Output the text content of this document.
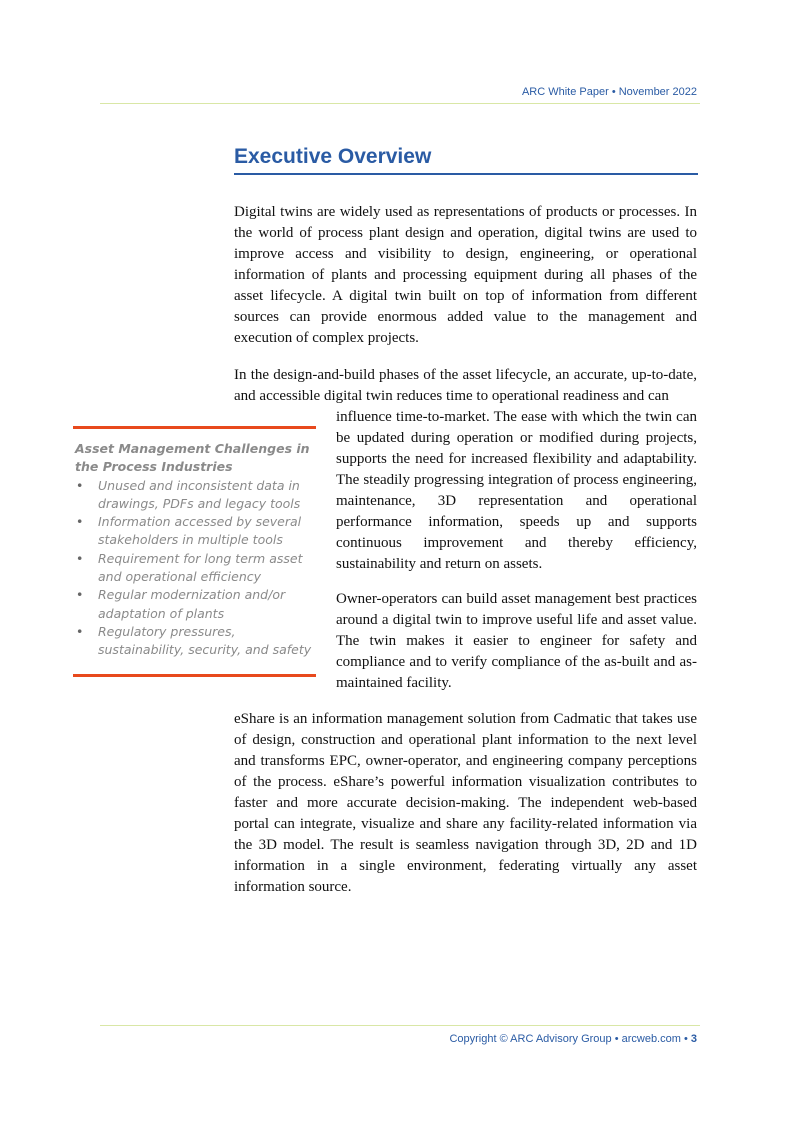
ARC White Paper • November 2022
Executive Overview

Digital twins are widely used as representations of products or processes. In the world of process plant design and operation, digital twins are used to improve access and visibility to design, engineering, or operational information of plants and processing equipment during all phases of the asset lifecycle. A digital twin built on top of information from different sources can provide enormous added value to the management and execution of complex projects.

In the design-and-build phases of the asset lifecycle, an accurate, up-to-date, and accessible digital twin reduces time to operational readiness and can

influence time-to-market. The ease with which the twin can be updated during operation or modified during projects, supports the need for increased flexibility and adaptability. The steadily progressing integration of process engineering, maintenance, 3D representation and operational performance information, speeds up and supports continuous improvement and thereby efficiency, sustainability and return on assets.

Owner-operators can build asset management best practices around a digital twin to improve useful life and asset value. The twin makes it easier to engineer for safety and compliance and to verify compliance of the as-built and as-maintained facility.

eShare is an information management solution from Cadmatic that takes use of design, construction and operational plant information to the next level and transforms EPC, owner-operator, and engineering company perceptions of the process. eShare’s powerful information visualization contributes to faster and more accurate decision-making. The independent web-based portal can integrate, visualize and share any facility-related information via the 3D model. The result is seamless navigation through 3D, 2D and 1D information in a single environment, federating virtually any asset information source.

Asset Management Challenges in the Process Industries

• Unused and inconsistent data in drawings, PDFs and legacy tools
• Information accessed by several stakeholders in multiple tools
• Requirement for long term asset and operational efficiency
• Regular modernization and/or adaptation of plants
• Regulatory pressures, sustainability, security, and safety
Copyright © ARC Advisory Group • arcweb.com • 3
